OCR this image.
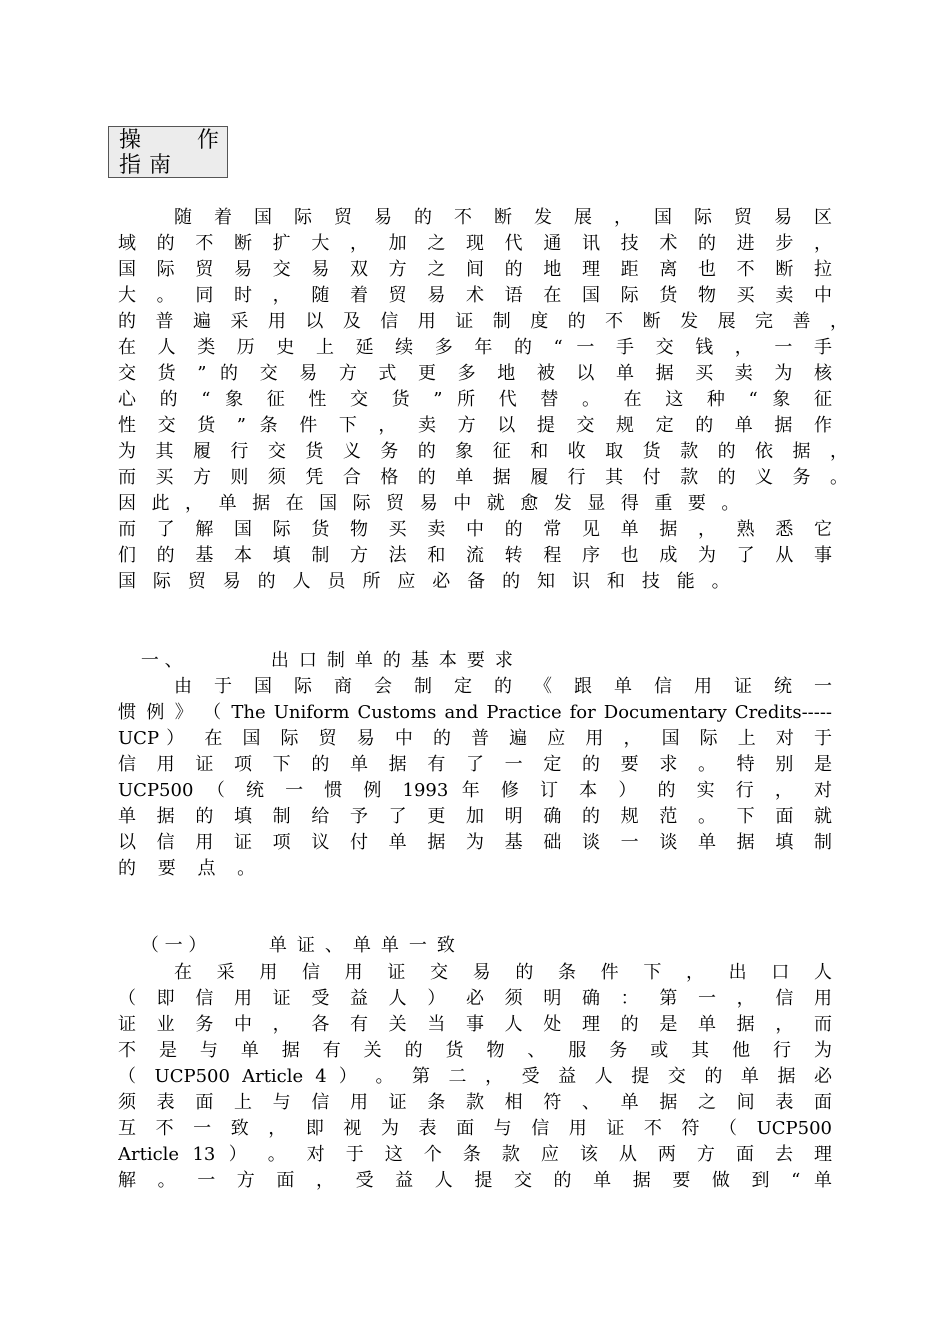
操　　作
指南
随 着 国 际 贸 易 的 不 断 发 展 ， 国 际 贸 易 区
域 的 不 断 扩 大 ， 加 之 现 代 通 讯 技 术 的 进 步 ，
国 际 贸 易 交 易 双 方 之 间 的 地 理 距 离 也 不 断 拉
大 。 同 时 ， 随 着 贸 易 术 语 在 国 际 货 物 买 卖 中
的 普 遍 采 用 以 及 信 用 证 制 度 的 不 断 发 展 完 善 ，
在 人 类 历 史 上 延 续 多 年 的 “ 一 手 交 钱 ， 一 手
交 货 ” 的 交 易 方 式 更 多 地 被 以 单 据 买 卖 为 核
心 的 “ 象 征 性 交 货 ” 所 代 替 。 在 这 种 “ 象 征
性 交 货 ” 条 件 下 ， 卖 方 以 提 交 规 定 的 单 据 作
为 其 履 行 交 货 义 务 的 象 征 和 收 取 货 款 的 依 据 ，
而 买 方 则 须 凭 合 格 的 单 据 履 行 其 付 款 的 义 务 。
因 此 ， 单 据 在 国 际 贸 易 中 就 愈 发 显 得 重 要 。
而 了 解 国 际 货 物 买 卖 中 的 常 见 单 据 ， 熟 悉 它
们 的 基 本 填 制 方 法 和 流 转 程 序 也 成 为 了 从 事
国 际 贸 易 的 人 员 所 应 必 备 的 知 识 和 技 能 。

一 、	出口制单的基本要求

由 于 国 际 商 会 制 定 的 《 跟 单 信 用 证 统 一
惯 例 》 （ The Uniform Customs and Practice for Documentary Credits-----
UCP） 在 国 际 贸 易 中 的 普 遍 应 用 ， 国 际 上 对 于
信 用 证 项 下 的 单 据 有 了 一 定 的 要 求 。 特 别 是
UCP500 （ 统 一 惯 例 1993 年 修 订 本 ） 的 实 行 ， 对
单 据 的 填 制 给 予 了 更 加 明 确 的 规 范 。 下 面 就
以 信 用 证 项 议 付 单 据 为 基 础 谈 一 谈 单 据 填 制
的 要 点 。

（ 一 ）	单证、单单一致

在 采 用 信 用 证 交 易 的 条 件 下 ， 出 口 人
（ 即 信 用 证 受 益 人 ） 必 须 明 确 ： 第 一 ， 信 用
证 业 务 中 ， 各 有 关 当 事 人 处 理 的 是 单 据 ， 而
不 是 与 单 据 有 关 的 货 物 、 服 务 或 其 他 行 为
（ UCP500 Article 4 ） 。 第 二 ， 受 益 人 提 交 的 单 据 必
须 表 面 上 与 信 用 证 条 款 相 符 、 单 据 之 间 表 面
互 不 一 致 ， 即 视 为 表 面 与 信 用 证 不 符 （ UCP500
Article 13 ） 。 对 于 这 个 条 款 应 该 从 两 方 面 去 理
解 。 一 方 面 ， 受 益 人 提 交 的 单 据 要 做 到 “ 单
